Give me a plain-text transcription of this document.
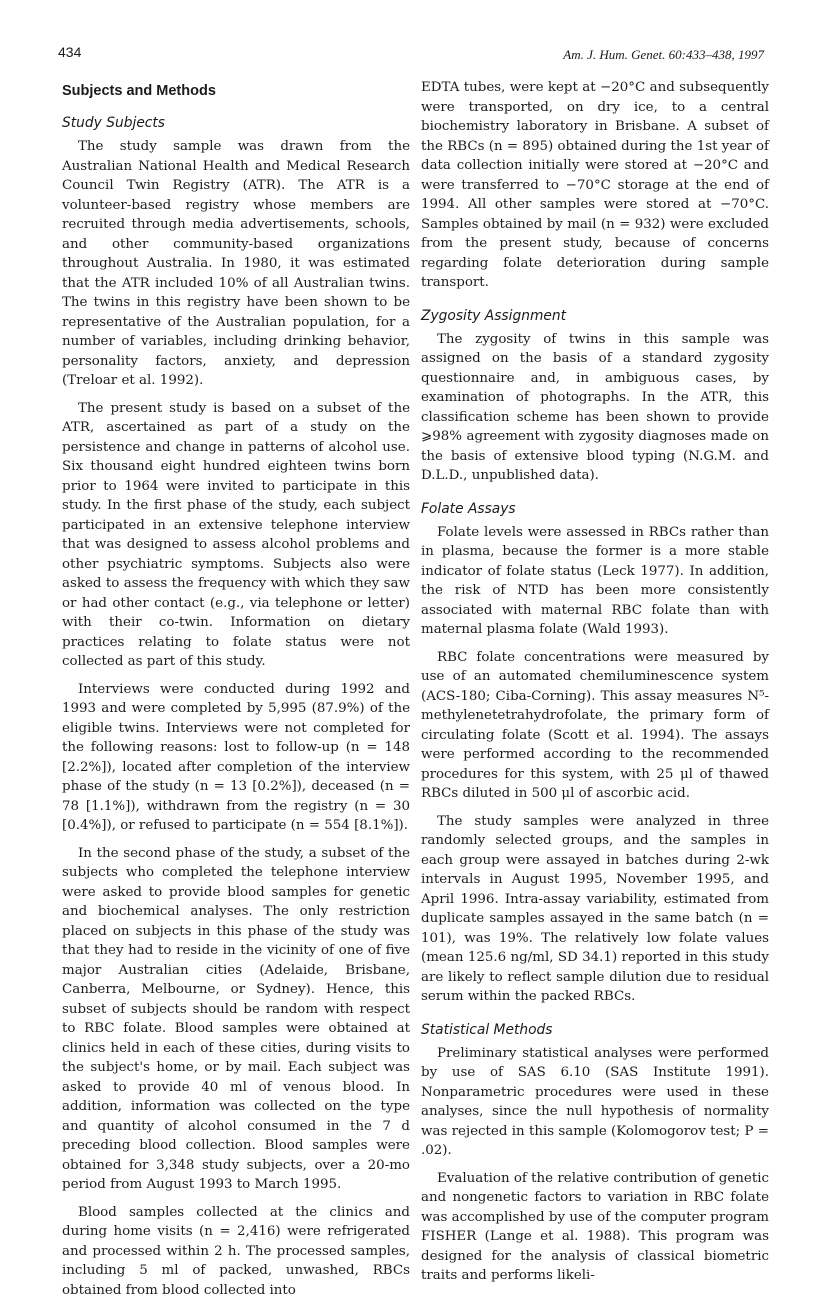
434	Am. J. Hum. Genet. 60:433–438, 1997
Subjects and Methods
Study Subjects

The study sample was drawn from the Australian National Health and Medical Research Council Twin Registry (ATR). The ATR is a volunteer-based registry whose members are recruited through media advertisements, schools, and other community-based organizations throughout Australia. In 1980, it was estimated that the ATR included 10% of all Australian twins. The twins in this registry have been shown to be representative of the Australian population, for a number of variables, including drinking behavior, personality factors, anxiety, and depression (Treloar et al. 1992).

The present study is based on a subset of the ATR, ascertained as part of a study on the persistence and change in patterns of alcohol use. Six thousand eight hundred eighteen twins born prior to 1964 were invited to participate in this study. In the first phase of the study, each subject participated in an extensive telephone interview that was designed to assess alcohol problems and other psychiatric symptoms. Subjects also were asked to assess the frequency with which they saw or had other contact (e.g., via telephone or letter) with their co-twin. Information on dietary practices relating to folate status were not collected as part of this study.

Interviews were conducted during 1992 and 1993 and were completed by 5,995 (87.9%) of the eligible twins. Interviews were not completed for the following reasons: lost to follow-up (n = 148 [2.2%]), located after completion of the interview phase of the study (n = 13 [0.2%]), deceased (n = 78 [1.1%]), withdrawn from the registry (n = 30 [0.4%]), or refused to participate (n = 554 [8.1%]).

In the second phase of the study, a subset of the subjects who completed the telephone interview were asked to provide blood samples for genetic and biochemical analyses. The only restriction placed on subjects in this phase of the study was that they had to reside in the vicinity of one of five major Australian cities (Adelaide, Brisbane, Canberra, Melbourne, or Sydney). Hence, this subset of subjects should be random with respect to RBC folate. Blood samples were obtained at clinics held in each of these cities, during visits to the subject's home, or by mail. Each subject was asked to provide 40 ml of venous blood. In addition, information was collected on the type and quantity of alcohol consumed in the 7 d preceding blood collection. Blood samples were obtained for 3,348 study subjects, over a 20-mo period from August 1993 to March 1995.

Blood samples collected at the clinics and during home visits (n = 2,416) were refrigerated and processed within 2 h. The processed samples, including 5 ml of packed, unwashed, RBCs obtained from blood collected into

EDTA tubes, were kept at −20°C and subsequently were transported, on dry ice, to a central biochemistry laboratory in Brisbane. A subset of the RBCs (n = 895) obtained during the 1st year of data collection initially were stored at −20°C and were transferred to −70°C storage at the end of 1994. All other samples were stored at −70°C. Samples obtained by mail (n = 932) were excluded from the present study, because of concerns regarding folate deterioration during sample transport.

Zygosity Assignment

The zygosity of twins in this sample was assigned on the basis of a standard zygosity questionnaire and, in ambiguous cases, by examination of photographs. In the ATR, this classification scheme has been shown to provide ⩾98% agreement with zygosity diagnoses made on the basis of extensive blood typing (N.G.M. and D.L.D., unpublished data).

Folate Assays

Folate levels were assessed in RBCs rather than in plasma, because the former is a more stable indicator of folate status (Leck 1977). In addition, the risk of NTD has been more consistently associated with maternal RBC folate than with maternal plasma folate (Wald 1993).

RBC folate concentrations were measured by use of an automated chemiluminescence system (ACS-180; Ciba-Corning). This assay measures N⁵-methylenetetrahydrofolate, the primary form of circulating folate (Scott et al. 1994). The assays were performed according to the recommended procedures for this system, with 25 μl of thawed RBCs diluted in 500 μl of ascorbic acid.

The study samples were analyzed in three randomly selected groups, and the samples in each group were assayed in batches during 2-wk intervals in August 1995, November 1995, and April 1996. Intra-assay variability, estimated from duplicate samples assayed in the same batch (n = 101), was 19%. The relatively low folate values (mean 125.6 ng/ml, SD 34.1) reported in this study are likely to reflect sample dilution due to residual serum within the packed RBCs.

Statistical Methods

Preliminary statistical analyses were performed by use of SAS 6.10 (SAS Institute 1991). Nonparametric procedures were used in these analyses, since the null hypothesis of normality was rejected in this sample (Kolomogorov test; P = .02).

Evaluation of the relative contribution of genetic and nongenetic factors to variation in RBC folate was accomplished by use of the computer program FISHER (Lange et al. 1988). This program was designed for the analysis of classical biometric traits and performs likeli-
